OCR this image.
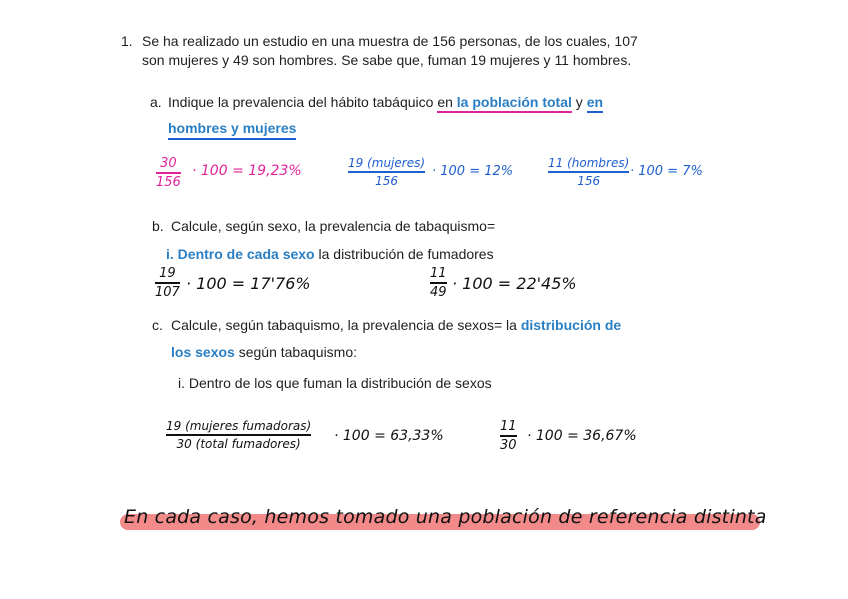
1. Se ha realizado un estudio en una muestra de 156 personas, de los cuales, 107
son mujeres y 49 son hombres. Se sabe que, fuman 19 mujeres y 11 hombres.
a. Indique la prevalencia del hábito tabáquico en la población total y en
hombres y mujeres
30
156
· 100 = 19,23%	19 (mujeres)
156
· 100 = 12%
11 (hombres)
156
· 100 = 7%
b. Calcule, según sexo, la prevalencia de tabaquismo=
i. Dentro de cada sexo la distribución de fumadores
19
107 · 100 = 17'76%
11
49 · 100 = 22'45%
c. Calcule, según tabaquismo, la prevalencia de sexos= la distribución de
los sexos según tabaquismo:
i. Dentro de los que fuman la distribución de sexos
19 (mujeres fumadoras)
30 (total fumadores) · 100 = 63,33%
11
30
· 100 = 36,67%
En cada caso, hemos tomado una población de referencia distinta
